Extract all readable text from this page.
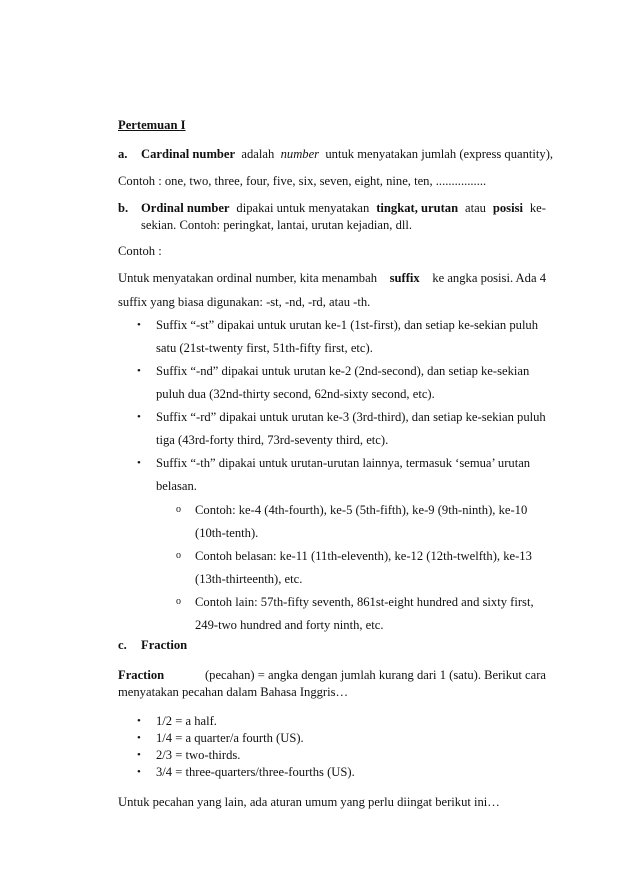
Pertemuan I
a. Cardinal number adalah number untuk menyatakan jumlah (express quantity),
Contoh : one, two, three, four, five, six, seven, eight, nine, ten, ................
b. Ordinal number dipakai untuk menyatakan tingkat, urutan atau posisi ke-
sekian. Contoh: peringkat, lantai, urutan kejadian, dll.
Contoh :
Untuk menyatakan ordinal number, kita menambah suffix ke angka posisi. Ada 4
suffix yang biasa digunakan: -st, -nd, -rd, atau -th.
• Suffix “-st” dipakai untuk urutan ke-1 (1st-first), dan setiap ke-sekian puluh
satu (21st-twenty first, 51th-fifty first, etc).
• Suffix “-nd” dipakai untuk urutan ke-2 (2nd-second), dan setiap ke-sekian
puluh dua (32nd-thirty second, 62nd-sixty second, etc).
• Suffix “-rd” dipakai untuk urutan ke-3 (3rd-third), dan setiap ke-sekian puluh
tiga (43rd-forty third, 73rd-seventy third, etc).
• Suffix “-th” dipakai untuk urutan-urutan lainnya, termasuk ‘semua’ urutan
belasan.
o Contoh: ke-4 (4th-fourth), ke-5 (5th-fifth), ke-9 (9th-ninth), ke-10
(10th-tenth).
o Contoh belasan: ke-11 (11th-eleventh), ke-12 (12th-twelfth), ke-13
(13th-thirteenth), etc.
o Contoh lain: 57th-fifty seventh, 861st-eight hundred and sixty first,
249-two hundred and forty ninth, etc.
c. Fraction
Fraction	(pecahan) = angka dengan jumlah kurang dari 1 (satu). Berikut cara
menyatakan pecahan dalam Bahasa Inggris…
• 1/2 = a half.
• 1/4 = a quarter/a fourth (US).
• 2/3 = two-thirds.
• 3/4 = three-quarters/three-fourths (US).
Untuk pecahan yang lain, ada aturan umum yang perlu diingat berikut ini…
